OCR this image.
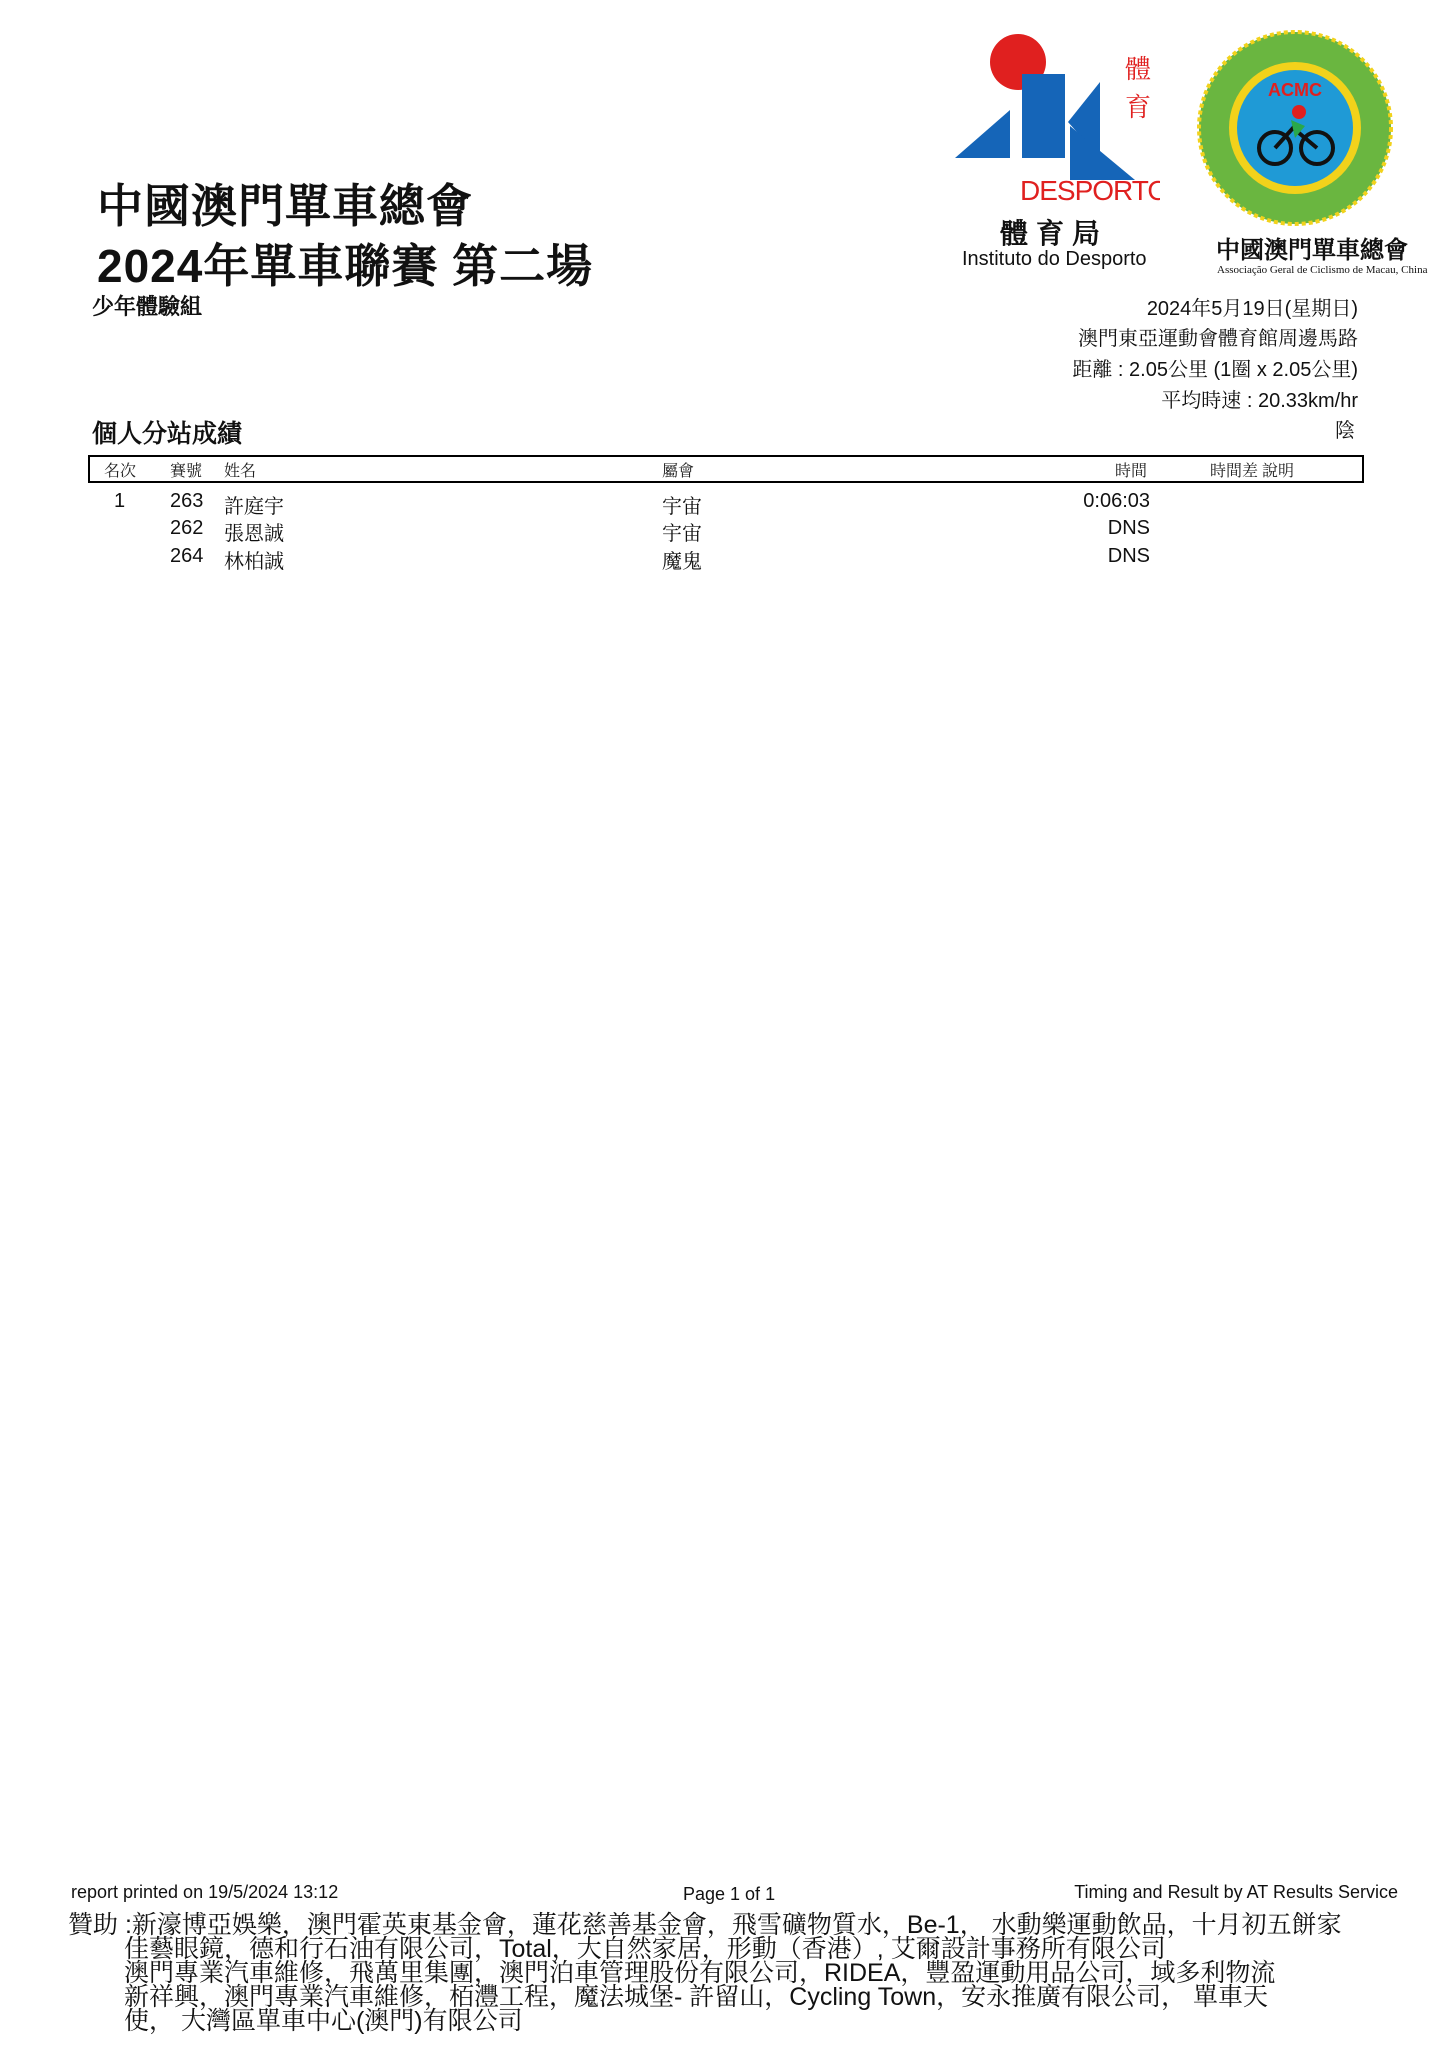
中國澳門單車總會
2024年單車聯賽 第二場
少年體驗組
體
育
DESPORTO
體育局
Instituto do Desporto
ACMC
中國澳門單車總會
Associação Geral de Ciclismo de Macau, China
2024年5月19日(星期日)
澳門東亞運動會體育館周邊馬路
距離 : 2.05公里 (1圈 x 2.05公里)
平均時速 : 20.33km/hr
陰
個人分站成績
名次 賽號 姓名	屬會	時間	時間差 說明
1 263 許庭宇	宇宙	0:06:03
262 張恩誠	宇宙	DNS
264 林柏誠	魔鬼	DNS
report printed on 19/5/2024 13:12	Page 1 of 1	Timing and Result by AT Results Service
贊助 :新濠博亞娛樂，澳門霍英東基金會，蓮花慈善基金會，飛雪礦物質水，Be-1， 水動樂運動飲品，十月初五餅家
佳藝眼鏡，德和行石油有限公司，Total，大自然家居，形動（香港）, 艾爾設計事務所有限公司
澳門專業汽車維修，飛萬里集團，澳門泊車管理股份有限公司，RIDEA，豐盈運動用品公司，域多利物流
新祥興，澳門專業汽車維修，栢灃工程，魔法城堡- 許留山，Cycling Town，安永推廣有限公司， 單車天
使， 大灣區單車中心(澳門)有限公司
